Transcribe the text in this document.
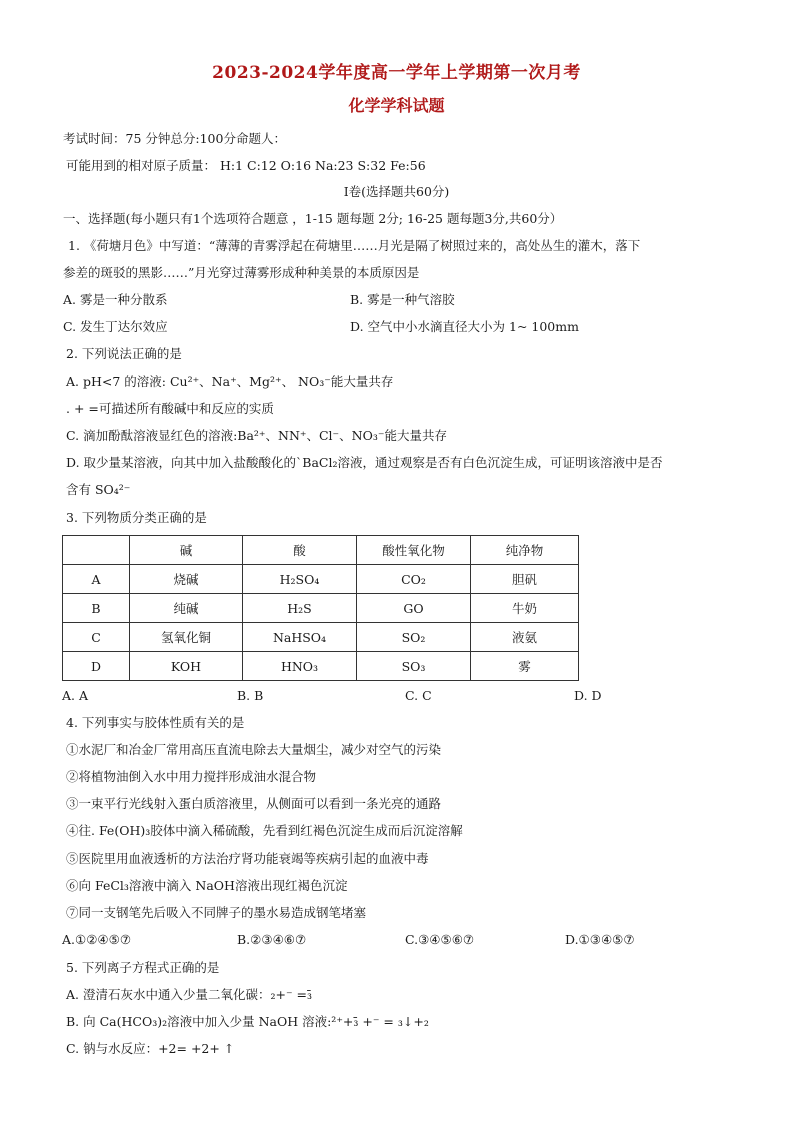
2023-2024学年度高一学年上学期第一次月考
化学学科试题
考试时间：75 分钟总分:100分命题人：
可能用到的相对原子质量： H:1 C:12 O:16 Na:23 S:32 Fe:56
Ⅰ卷(选择题共60分)
一、选择题(每小题只有1个选项符合题意 ，1-15 题每题 2分; 16-25 题每题3分,共60分）
1. 《荷塘月色》中写道：“薄薄的青雾浮起在荷塘里……月光是隔了树照过来的，高处丛生的灌木，落下
参差的斑驳的黑影……”月光穿过薄雾形成种种美景的本质原因是
A. 雾是一种分散系	B. 雾是一种气溶胶
C. 发生丁达尔效应	D. 空气中小水滴直径大小为 1~ 100mm
2. 下列说法正确的是
A. pH<7 的溶液: Cu²⁺、Na⁺、Mg²⁺、 NO₃⁻能大量共存
. + =可描述所有酸碱中和反应的实质
C. 滴加酚酞溶液显红色的溶液:Ba²⁺、NN⁺、Cl⁻、NO₃⁻能大量共存
D. 取少量某溶液，向其中加入盐酸酸化的`BaCl₂溶液，通过观察是否有白色沉淀生成，可证明该溶液中是否
含有 SO₄²⁻
3. 下列物质分类正确的是
	碱	酸	酸性氧化物	纯净物
A	烧碱	H₂SO₄	CO₂	胆矾
B	纯碱	H₂S	GO	牛奶
C	氢氧化铜	NaHSO₄	SO₂	液氨
D	KOH	HNO₃	SO₃	雾
A. A	B. B	C. C	D. D
4. 下列事实与胶体性质有关的是
①水泥厂和冶金厂常用高压直流电除去大量烟尘，减少对空气的污染
②将植物油倒入水中用力搅拌形成油水混合物
③一束平行光线射入蛋白质溶液里，从侧面可以看到一条光亮的通路
④往. Fe(OH)₃胶体中滴入稀硫酸，先看到红褐色沉淀生成而后沉淀溶解
⑤医院里用血液透析的方法治疗肾功能衰竭等疾病引起的血液中毒
⑥向 FeCl₃溶液中滴入 NaOH溶液出现红褐色沉淀
⑦同一支钢笔先后吸入不同牌子的墨水易造成钢笔堵塞
A.①②④⑤⑦	B.②③④⑥⑦	C.③④⑤⑥⑦	D.①③④⑤⑦
5. 下列离子方程式正确的是
A. 澄清石灰水中通入少量二氧化碳：₂+⁻ =₃̄
B. 向 Ca(HCO₃)₂溶液中加入少量 NaOH 溶液:²⁺+₃̄ +⁻ = ₃↓+₂
C. 钠与水反应：+2= +2+ ↑
